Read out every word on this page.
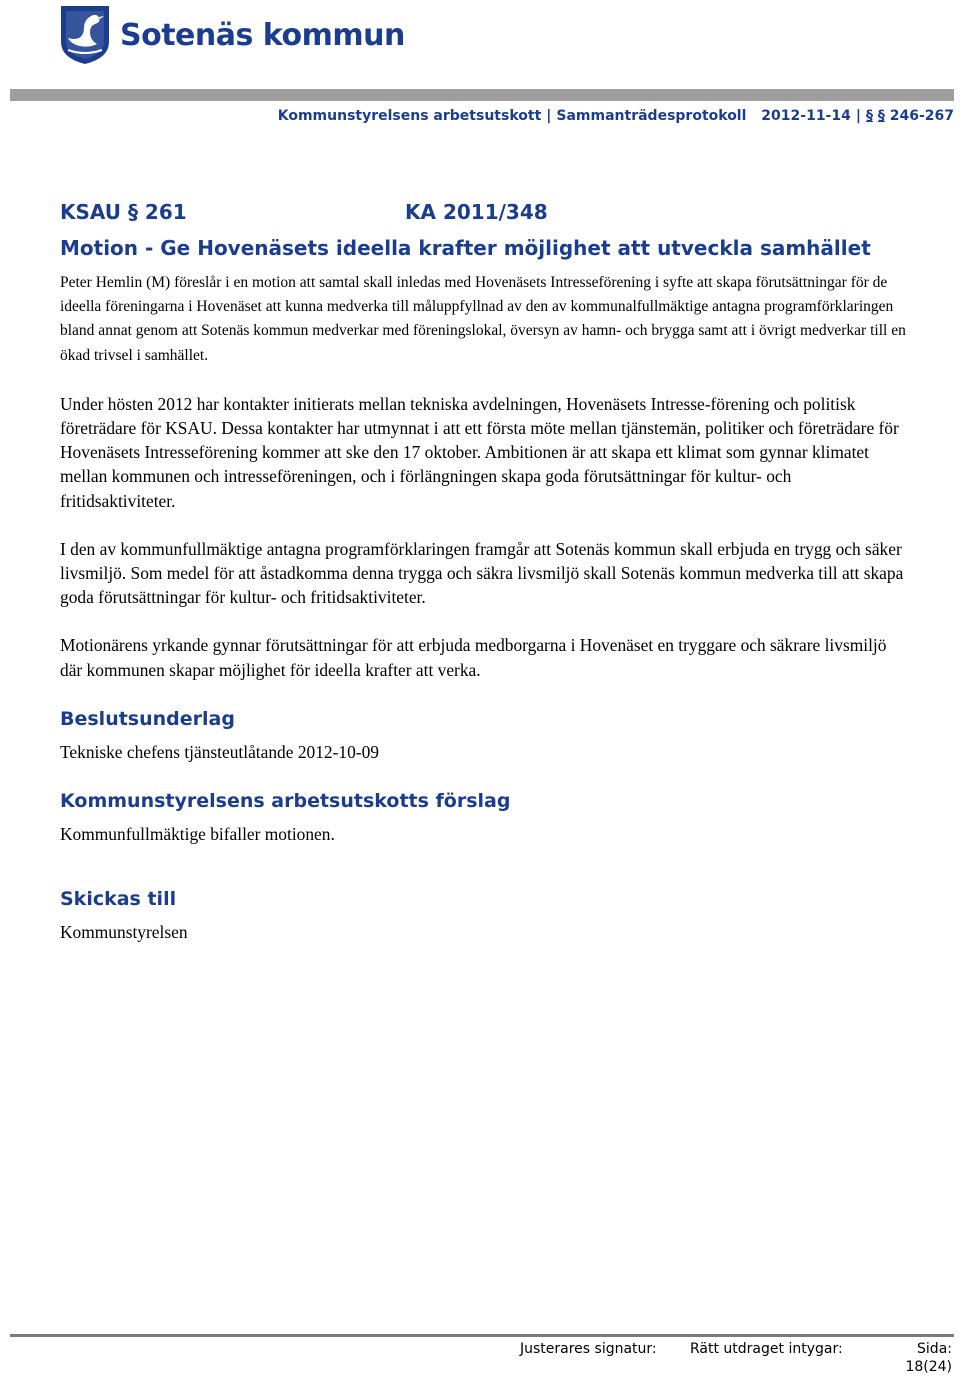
Sotenäs kommun
Kommunstyrelsens arbetsutskott | Sammanträdesprotokoll 2012-11-14 | § § 246-267
KSAU § 261	KA 2011/348
Motion - Ge Hovenäsets ideella krafter möjlighet att utveckla samhället

Peter Hemlin (M) föreslår i en motion att samtal skall inledas med Hovenäsets Intresseförening i syfte att skapa förutsättningar för de ideella föreningarna i Hovenäset att kunna medverka till måluppfyllnad av den av kommunalfullmäktige antagna programförklaringen bland annat genom att Sotenäs kommun medverkar med föreningslokal, översyn av hamn- och brygga samt att i övrigt medverkar till en ökad trivsel i samhället.

Under hösten 2012 har kontakter initierats mellan tekniska avdelningen, Hovenäsets Intresse-förening och politisk företrädare för KSAU. Dessa kontakter har utmynnat i att ett första möte mellan tjänstemän, politiker och företrädare för Hovenäsets Intresseförening kommer att ske den 17 oktober. Ambitionen är att skapa ett klimat som gynnar klimatet mellan kommunen och intresseföreningen, och i förlängningen skapa goda förutsättningar för kultur- och fritidsaktiviteter.

I den av kommunfullmäktige antagna programförklaringen framgår att Sotenäs kommun skall erbjuda en trygg och säker livsmiljö. Som medel för att åstadkomma denna trygga och säkra livsmiljö skall Sotenäs kommun medverka till att skapa goda förutsättningar för kultur- och fritidsaktiviteter.

Motionärens yrkande gynnar förutsättningar för att erbjuda medborgarna i Hovenäset en tryggare och säkrare livsmiljö där kommunen skapar möjlighet för ideella krafter att verka.

Beslutsunderlag

Tekniske chefens tjänsteutlåtande 2012-10-09

Kommunstyrelsens arbetsutskotts förslag

Kommunfullmäktige bifaller motionen.

Skickas till

Kommunstyrelsen

Justerares signatur: Rätt utdraget intygar:	Sida:
18(24)
